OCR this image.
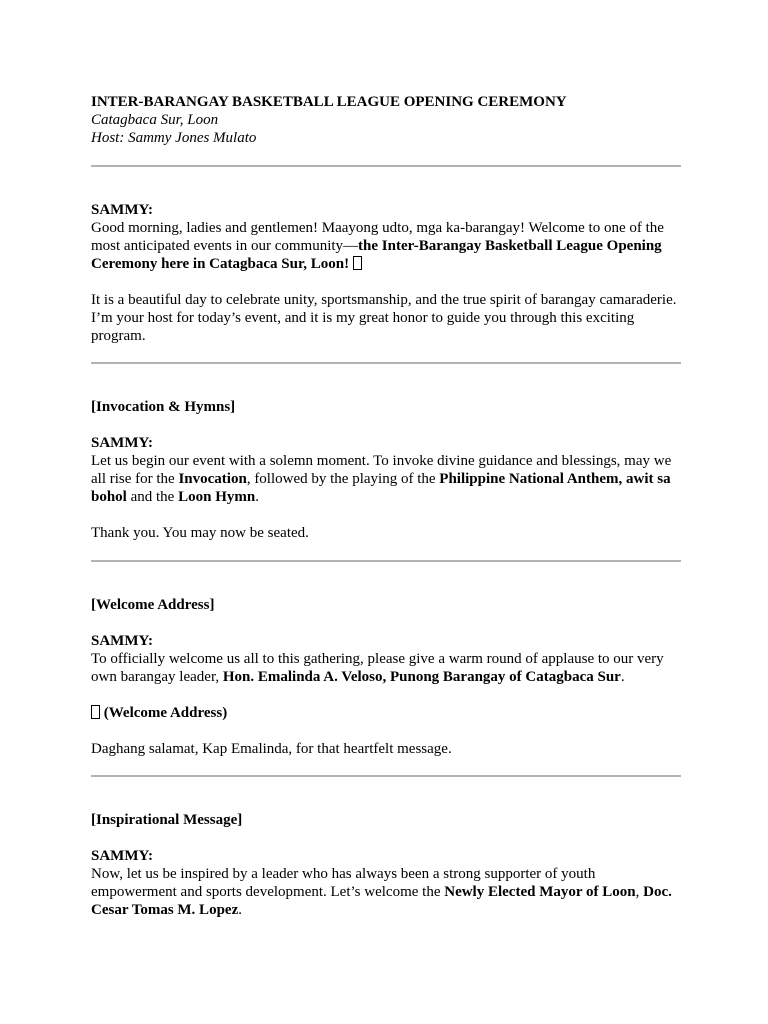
INTER-BARANGAY BASKETBALL LEAGUE OPENING CEREMONY

Catagbaca Sur, Loon

Host: Sammy Jones Mulato

SAMMY:

Good morning, ladies and gentlemen! Maayong udto, mga ka-barangay! Welcome to one of the most anticipated events in our community—the Inter-Barangay Basketball League Opening Ceremony here in Catagbaca Sur, Loon!

It is a beautiful day to celebrate unity, sportsmanship, and the true spirit of barangay camaraderie. I’m your host for today’s event, and it is my great honor to guide you through this exciting program.

[Invocation & Hymns]

SAMMY:

Let us begin our event with a solemn moment. To invoke divine guidance and blessings, may we all rise for the Invocation, followed by the playing of the Philippine National Anthem, awit sa bohol and the Loon Hymn.

Thank you. You may now be seated.

[Welcome Address]

SAMMY:

To officially welcome us all to this gathering, please give a warm round of applause to our very own barangay leader, Hon. Emalinda A. Veloso, Punong Barangay of Catagbaca Sur.

(Welcome Address)

Daghang salamat, Kap Emalinda, for that heartfelt message.

[Inspirational Message]

SAMMY:

Now, let us be inspired by a leader who has always been a strong supporter of youth empowerment and sports development. Let’s welcome the Newly Elected Mayor of Loon, Doc. Cesar Tomas M. Lopez.
